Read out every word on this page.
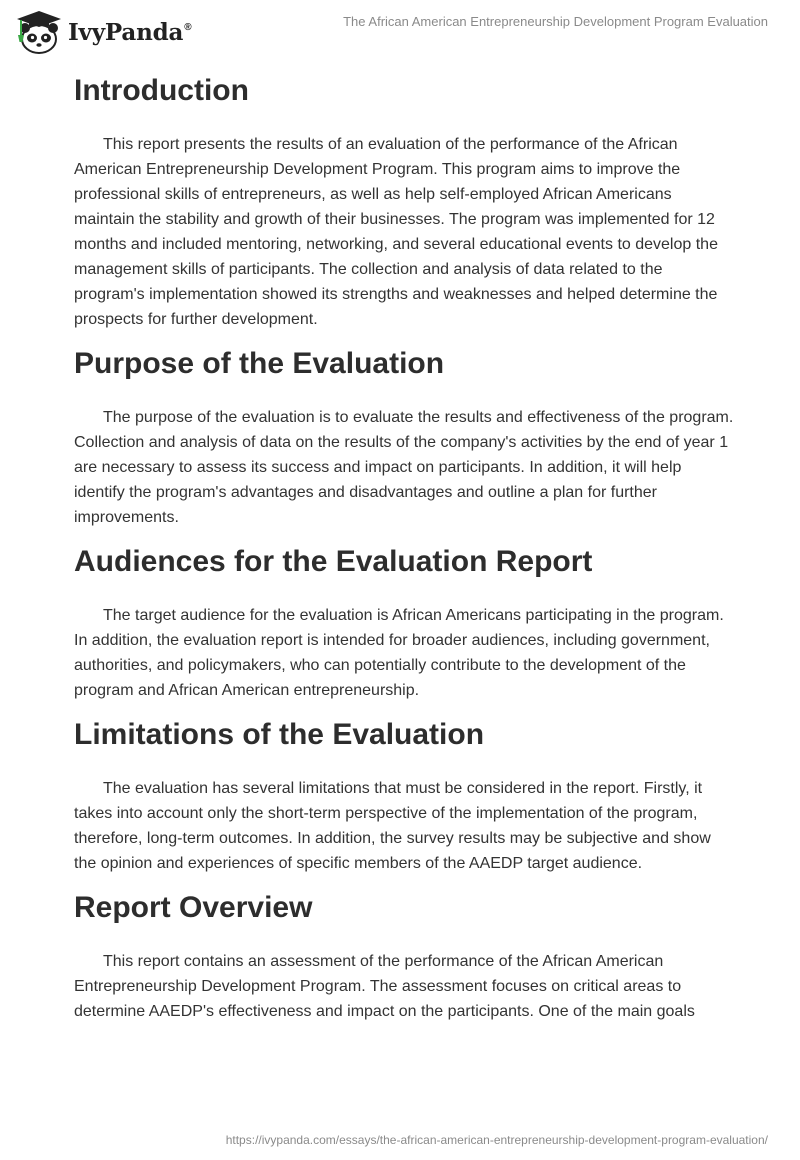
IvyPanda®	The African American Entrepreneurship Development Program Evaluation
Introduction

This report presents the results of an evaluation of the performance of the African American Entrepreneurship Development Program. This program aims to improve the professional skills of entrepreneurs, as well as help self-employed African Americans maintain the stability and growth of their businesses. The program was implemented for 12 months and included mentoring, networking, and several educational events to develop the management skills of participants. The collection and analysis of data related to the program's implementation showed its strengths and weaknesses and helped determine the prospects for further development.

Purpose of the Evaluation

The purpose of the evaluation is to evaluate the results and effectiveness of the program. Collection and analysis of data on the results of the company's activities by the end of year 1 are necessary to assess its success and impact on participants. In addition, it will help identify the program's advantages and disadvantages and outline a plan for further improvements.

Audiences for the Evaluation Report

The target audience for the evaluation is African Americans participating in the program. In addition, the evaluation report is intended for broader audiences, including government, authorities, and policymakers, who can potentially contribute to the development of the program and African American entrepreneurship.

Limitations of the Evaluation

The evaluation has several limitations that must be considered in the report. Firstly, it takes into account only the short-term perspective of the implementation of the program, therefore, long-term outcomes. In addition, the survey results may be subjective and show the opinion and experiences of specific members of the AAEDP target audience.

Report Overview

This report contains an assessment of the performance of the African American Entrepreneurship Development Program. The assessment focuses on critical areas to determine AAEDP's effectiveness and impact on the participants. One of the main goals

https://ivypanda.com/essays/the-african-american-entrepreneurship-development-program-evaluation/
